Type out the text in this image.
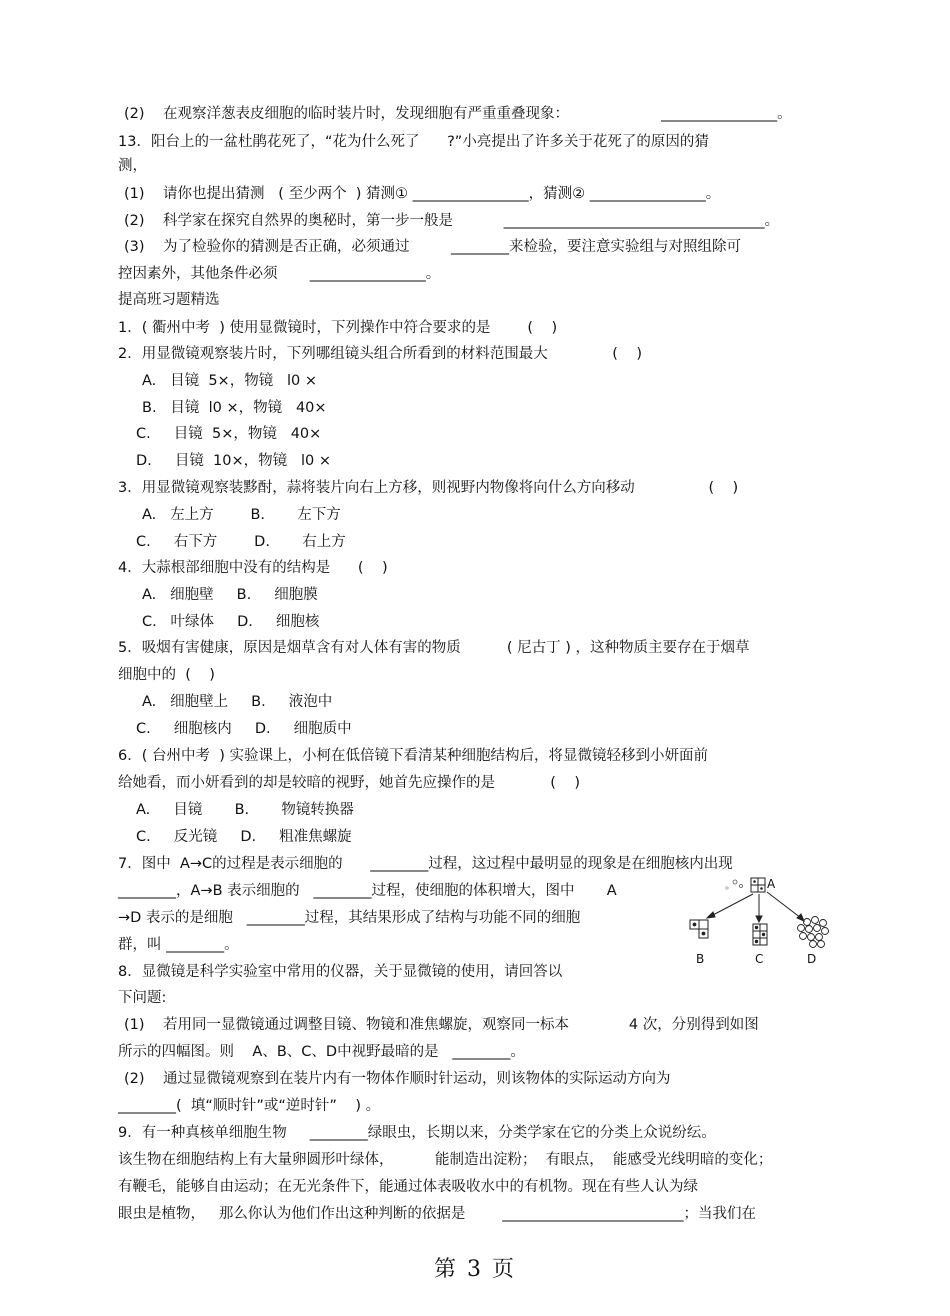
(2)    在观察洋葱表皮细胞的临时装片时，发现细胞有严重重叠现象：                    ________________。
13．阳台上的一盆杜鹃花死了，“花为什么死了      ?”小亮提出了许多关于花死了的原因的猜
测，
(1)    请你也提出猜测   ( 至少两个  ) 猜测① ________________，猜测② ________________。
(2)    科学家在探究自然界的奥秘时，第一步一般是           ____________________________________。
(3)    为了检验你的猜测是否正确，必须通过         ________来检验，要注意实验组与对照组除可
控因素外，其他条件必须       ________________。
提高班习题精选
1．( 衢州中考  ) 使用显微镜时，下列操作中符合要求的是        (    )
2．用显微镜观察装片时，下列哪组镜头组合所看到的材料范围最大              (    )
A.   目镜  5×，物镜   l0 ×
B.   目镜  l0 ×，物镜   40×
C.     目镜  5×，物镜   40×
D.     目镜  10×，物镜   l0 ×
3．用显微镜观察装黟酎，蒜将装片向右上方移，则视野内物像将向什么方向移动                (    )
A.   左上方        B.       左下方
C.     右下方        D.       右上方
4．大蒜根部细胞中没有的结构是      (    )
A.   细胞壁     B.     细胞膜
C.   叶绿体     D.     细胞核
5．吸烟有害健康，原因是烟草含有对人体有害的物质          ( 尼古丁 ) ，这种物质主要存在于烟草
细胞中的  (    )
A.   细胞壁上     B.     液泡中
C.     细胞核内     D.     细胞质中
6．( 台州中考  ) 实验课上，小柯在低倍镜下看清某种细胞结构后，将显微镜轻移到小妍面前
给她看，而小妍看到的却是较暗的视野，她首先应操作的是            (    )
A.     目镜       B.       物镜转换器
C.     反光镜     D.     粗准焦螺旋
7．图中  A→C的过程是表示细胞的      ________过程，这过程中最明显的现象是在细胞核内出现
________，A→B 表示细胞的   ________过程，使细胞的体积增大，图中       A
→D 表示的是细胞   ________过程，其结果形成了结构与功能不同的细胞
群，叫 ________。
8．显微镜是科学实验室中常用的仪器，关于显微镜的使用，请回答以
下问题:
(1)    若用同一显微镜通过调整目镜、物镜和准焦螺旋，观察同一标本             4 次，分别得到如图
所示的四幅图。则    A、B、C、D中视野最暗的是   ________。
(2)    通过显微镜观察到在装片内有一物体作顺时针运动，则该物体的实际运动方向为
________(  填“顺时针”或“逆时针”    ) 。
9．有一种真核单细胞生物     ________绿眼虫，长期以来，分类学家在它的分类上众说纷纭。
该生物在细胞结构上有大量卵圆形叶绿体，         能制造出淀粉；  有眼点，  能感受光线明暗的变化；
有鞭毛，能够自由运动；在无光条件下，能通过体表吸收水中的有机物。现在有些人认为绿
眼虫是植物，   那么你认为他们作出这种判断的依据是        _________________________；当我们在
A
B	C	D
第 3 页
